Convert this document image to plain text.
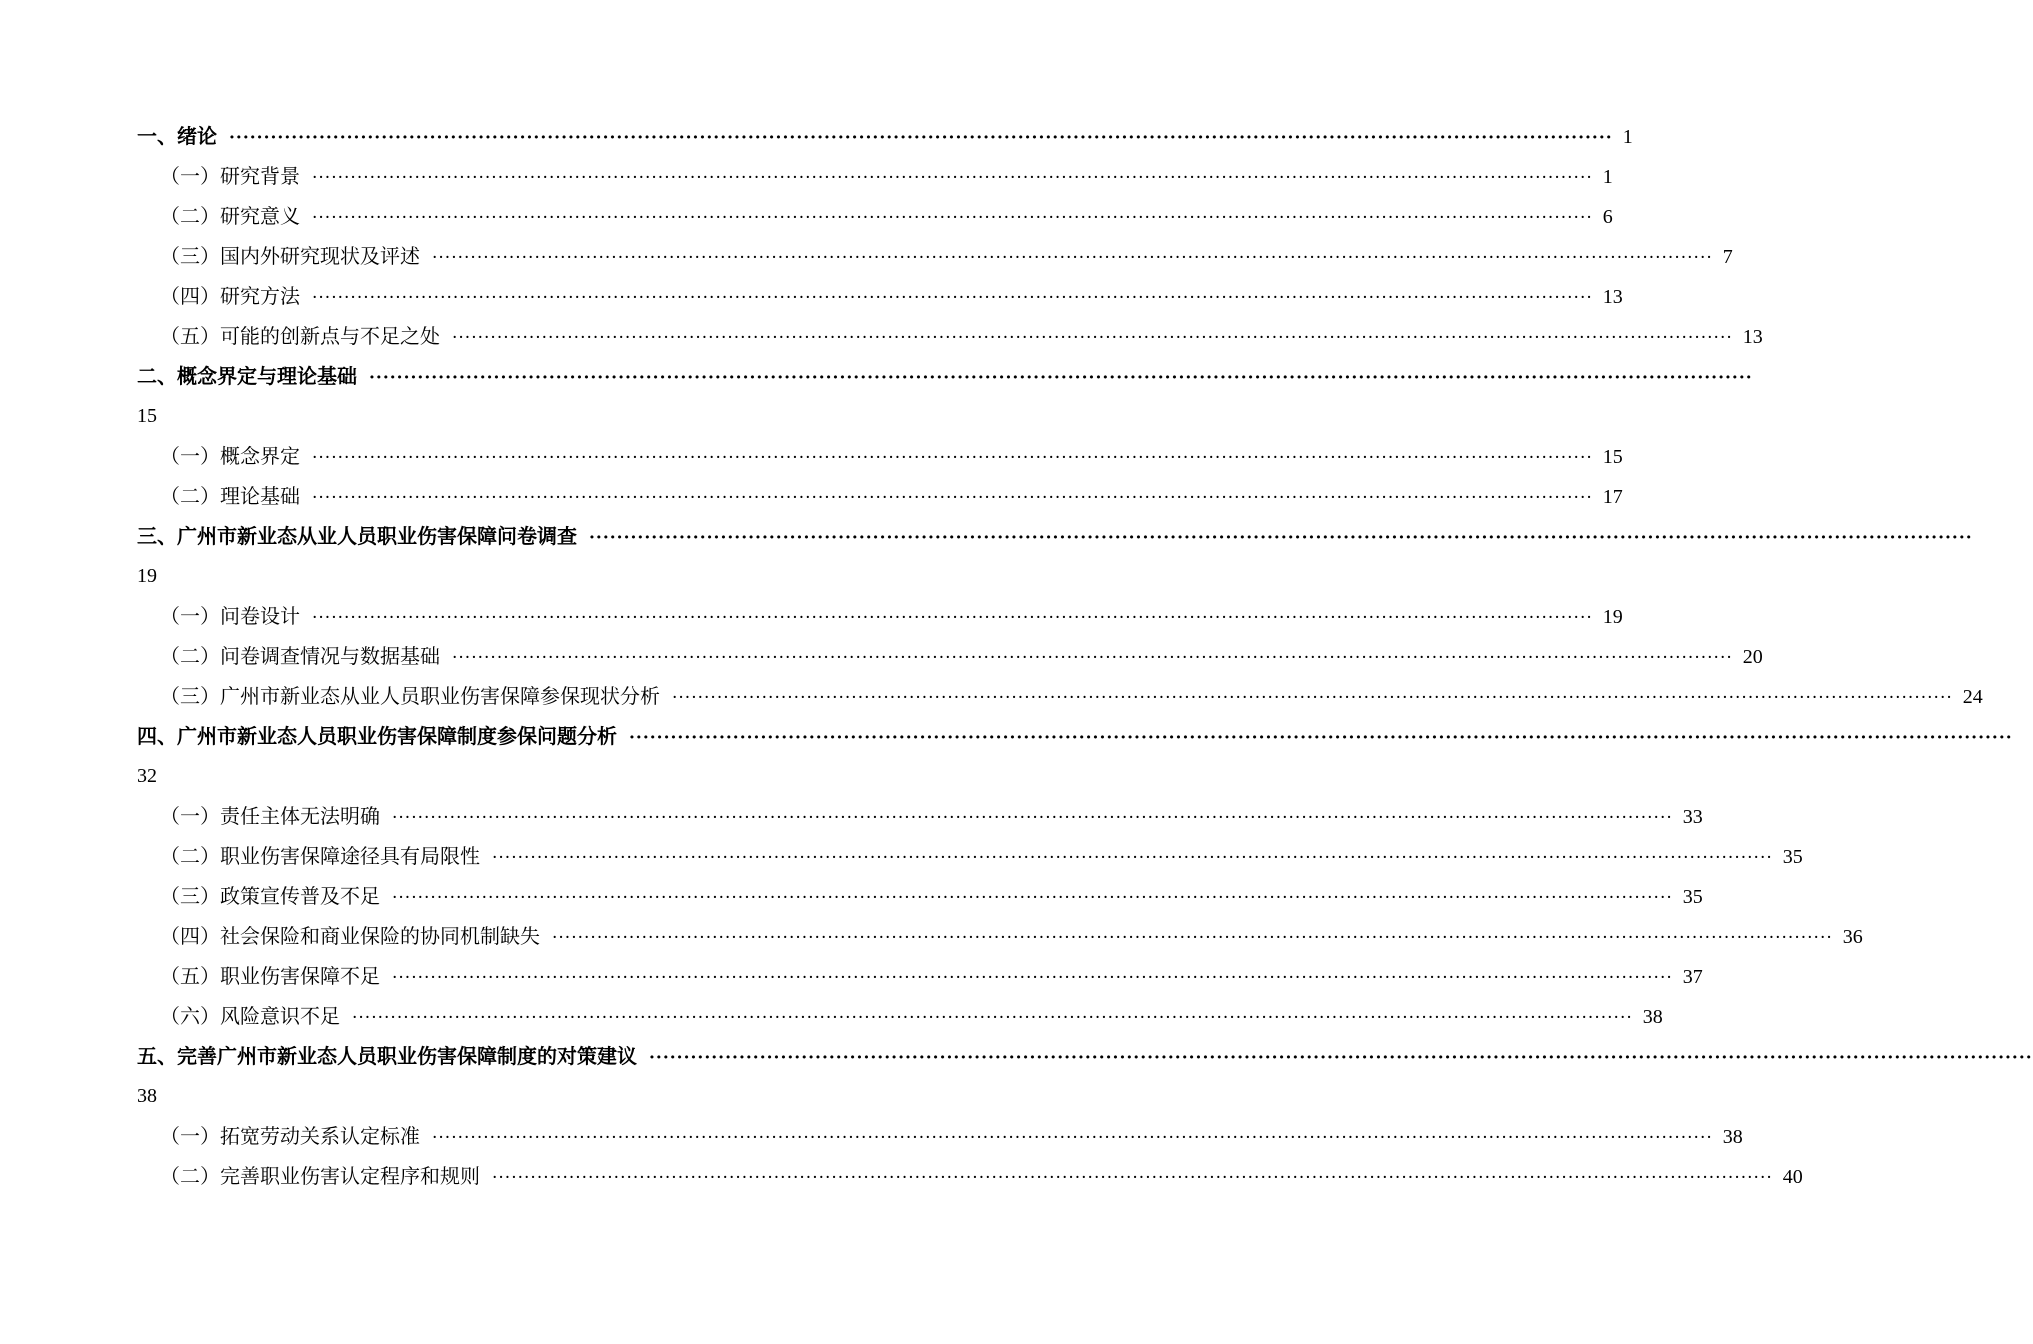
一、绪论 ········································································································································································································ 1
（一）研究背景 ········································································································································································································ 1
（二）研究意义 ········································································································································································································ 6
（三）国内外研究现状及评述 ········································································································································································································ 7
（四）研究方法 ········································································································································································································ 13
（五）可能的创新点与不足之处 ········································································································································································································ 13
二、概念界定与理论基础 ········································································································································································································
15
（一）概念界定 ········································································································································································································ 15
（二）理论基础 ········································································································································································································ 17
三、广州市新业态从业人员职业伤害保障问卷调查 ········································································································································································································
19
（一）问卷设计 ········································································································································································································ 19
（二）问卷调查情况与数据基础 ········································································································································································································ 20
（三）广州市新业态从业人员职业伤害保障参保现状分析 ········································································································································································································ 24
四、广州市新业态人员职业伤害保障制度参保问题分析 ········································································································································································································
32
（一）责任主体无法明确 ········································································································································································································ 33
（二）职业伤害保障途径具有局限性 ········································································································································································································ 35
（三）政策宣传普及不足 ········································································································································································································ 35
（四）社会保险和商业保险的协同机制缺失 ········································································································································································································ 36
（五）职业伤害保障不足 ········································································································································································································ 37
（六）风险意识不足 ········································································································································································································ 38
五、完善广州市新业态人员职业伤害保障制度的对策建议 ········································································································································································································
38
（一）拓宽劳动关系认定标准 ········································································································································································································ 38
（二）完善职业伤害认定程序和规则 ········································································································································································································ 40
